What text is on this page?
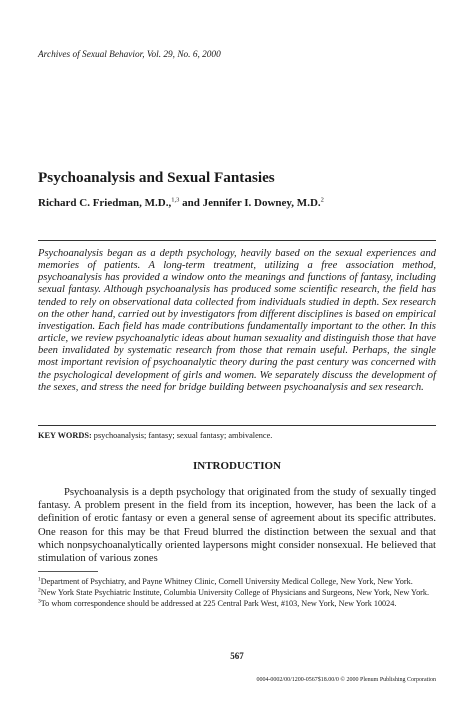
Archives of Sexual Behavior, Vol. 29, No. 6, 2000
Psychoanalysis and Sexual Fantasies
Richard C. Friedman, M.D.,$^{1,3}$ and Jennifer I. Downey, M.D.$^2$
Psychoanalysis began as a depth psychology, heavily based on the sexual experiences and memories of patients. A long-term treatment, utilizing a free association method, psychoanalysis has provided a window onto the meanings and functions of fantasy, including sexual fantasy. Although psychoanalysis has produced some scientific research, the field has tended to rely on observational data collected from individuals studied in depth. Sex research on the other hand, carried out by investigators from different disciplines is based on empirical investigation. Each field has made contributions fundamentally important to the other. In this article, we review psychoanalytic ideas about human sexuality and distinguish those that have been invalidated by systematic research from those that remain useful. Perhaps, the single most important revision of psychoanalytic theory during the past century was concerned with the psychological development of girls and women. We separately discuss the development of the sexes, and stress the need for bridge building between psychoanalysis and sex research.
KEY WORDS: psychoanalysis; fantasy; sexual fantasy; ambivalence.
INTRODUCTION

Psychoanalysis is a depth psychology that originated from the study of sexually tinged fantasy. A problem present in the field from its inception, however, has been the lack of a definition of erotic fantasy or even a general sense of agreement about its specific attributes. One reason for this may be that Freud blurred the distinction between the sexual and that which nonpsychoanalytically oriented laypersons might consider nonsexual. He believed that stimulation of various zones

$^1$Department of Psychiatry, and Payne Whitney Clinic, Cornell University Medical College, New York, New York.
$^2$New York State Psychiatric Institute, Columbia University College of Physicians and Surgeons, New York, New York.
$^3$To whom correspondence should be addressed at 225 Central Park West, #103, New York, New York 10024.
567
0004-0002/00/1200-0567$18.00/0 © 2000 Plenum Publishing Corporation
